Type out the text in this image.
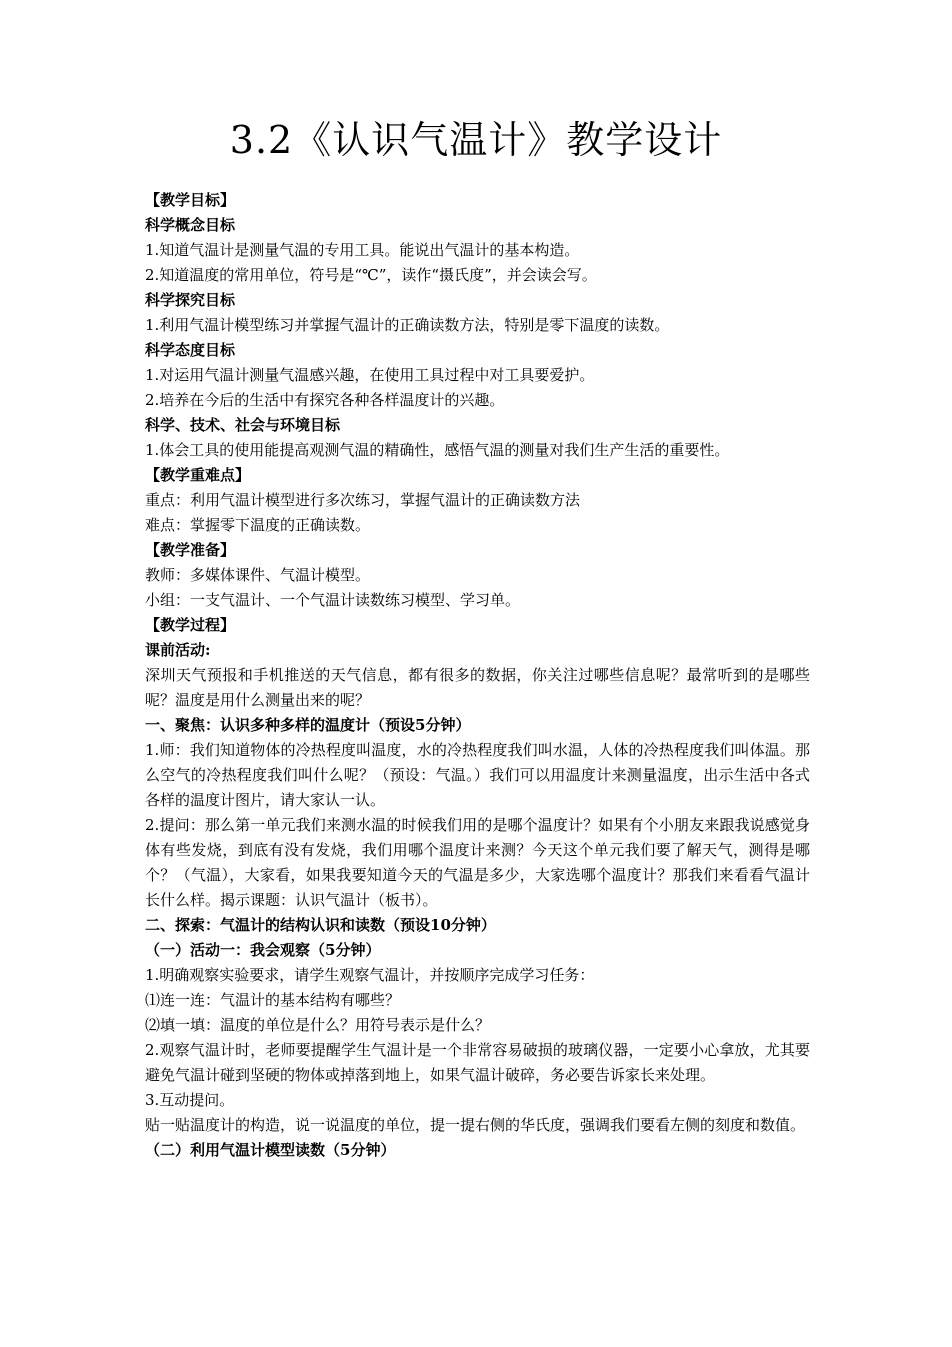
3.2《认识气温计》教学设计

【教学目标】

科学概念目标

1.知道气温计是测量气温的专用工具。能说出气温计的基本构造。

2.知道温度的常用单位，符号是“℃”，读作“摄氏度”，并会读会写。

科学探究目标

1.利用气温计模型练习并掌握气温计的正确读数方法，特别是零下温度的读数。

科学态度目标

1.对运用气温计测量气温感兴趣，在使用工具过程中对工具要爱护。

2.培养在今后的生活中有探究各种各样温度计的兴趣。

科学、技术、社会与环境目标

1.体会工具的使用能提高观测气温的精确性，感悟气温的测量对我们生产生活的重要性。

【教学重难点】

重点：利用气温计模型进行多次练习，掌握气温计的正确读数方法

难点：掌握零下温度的正确读数。

【教学准备】

教师：多媒体课件、气温计模型。

小组：一支气温计、一个气温计读数练习模型、学习单。

【教学过程】

课前活动:

深圳天气预报和手机推送的天气信息，都有很多的数据，你关注过哪些信息呢？最常听到的是哪些呢？温度是用什么测量出来的呢？

一、聚焦：认识多种多样的温度计（预设5分钟）

1.师：我们知道物体的冷热程度叫温度，水的冷热程度我们叫水温，人体的冷热程度我们叫体温。那么空气的冷热程度我们叫什么呢？（预设：气温。）我们可以用温度计来测量温度，出示生活中各式各样的温度计图片，请大家认一认。

2.提问：那么第一单元我们来测水温的时候我们用的是哪个温度计？如果有个小朋友来跟我说感觉身体有些发烧，到底有没有发烧，我们用哪个温度计来测？今天这个单元我们要了解天气，测得是哪个？（气温），大家看，如果我要知道今天的气温是多少，大家选哪个温度计？那我们来看看气温计长什么样。揭示课题：认识气温计（板书）。

二、探索：气温计的结构认识和读数（预设10分钟）

（一）活动一：我会观察（5分钟）

1.明确观察实验要求，请学生观察气温计，并按顺序完成学习任务：

⑴连一连：气温计的基本结构有哪些？

⑵填一填：温度的单位是什么？用符号表示是什么？

2.观察气温计时，老师要提醒学生气温计是一个非常容易破损的玻璃仪器，一定要小心拿放，尤其要避免气温计碰到坚硬的物体或掉落到地上，如果气温计破碎，务必要告诉家长来处理。

3.互动提问。

贴一贴温度计的构造，说一说温度的单位，提一提右侧的华氏度，强调我们要看左侧的刻度和数值。

（二）利用气温计模型读数（5分钟）
